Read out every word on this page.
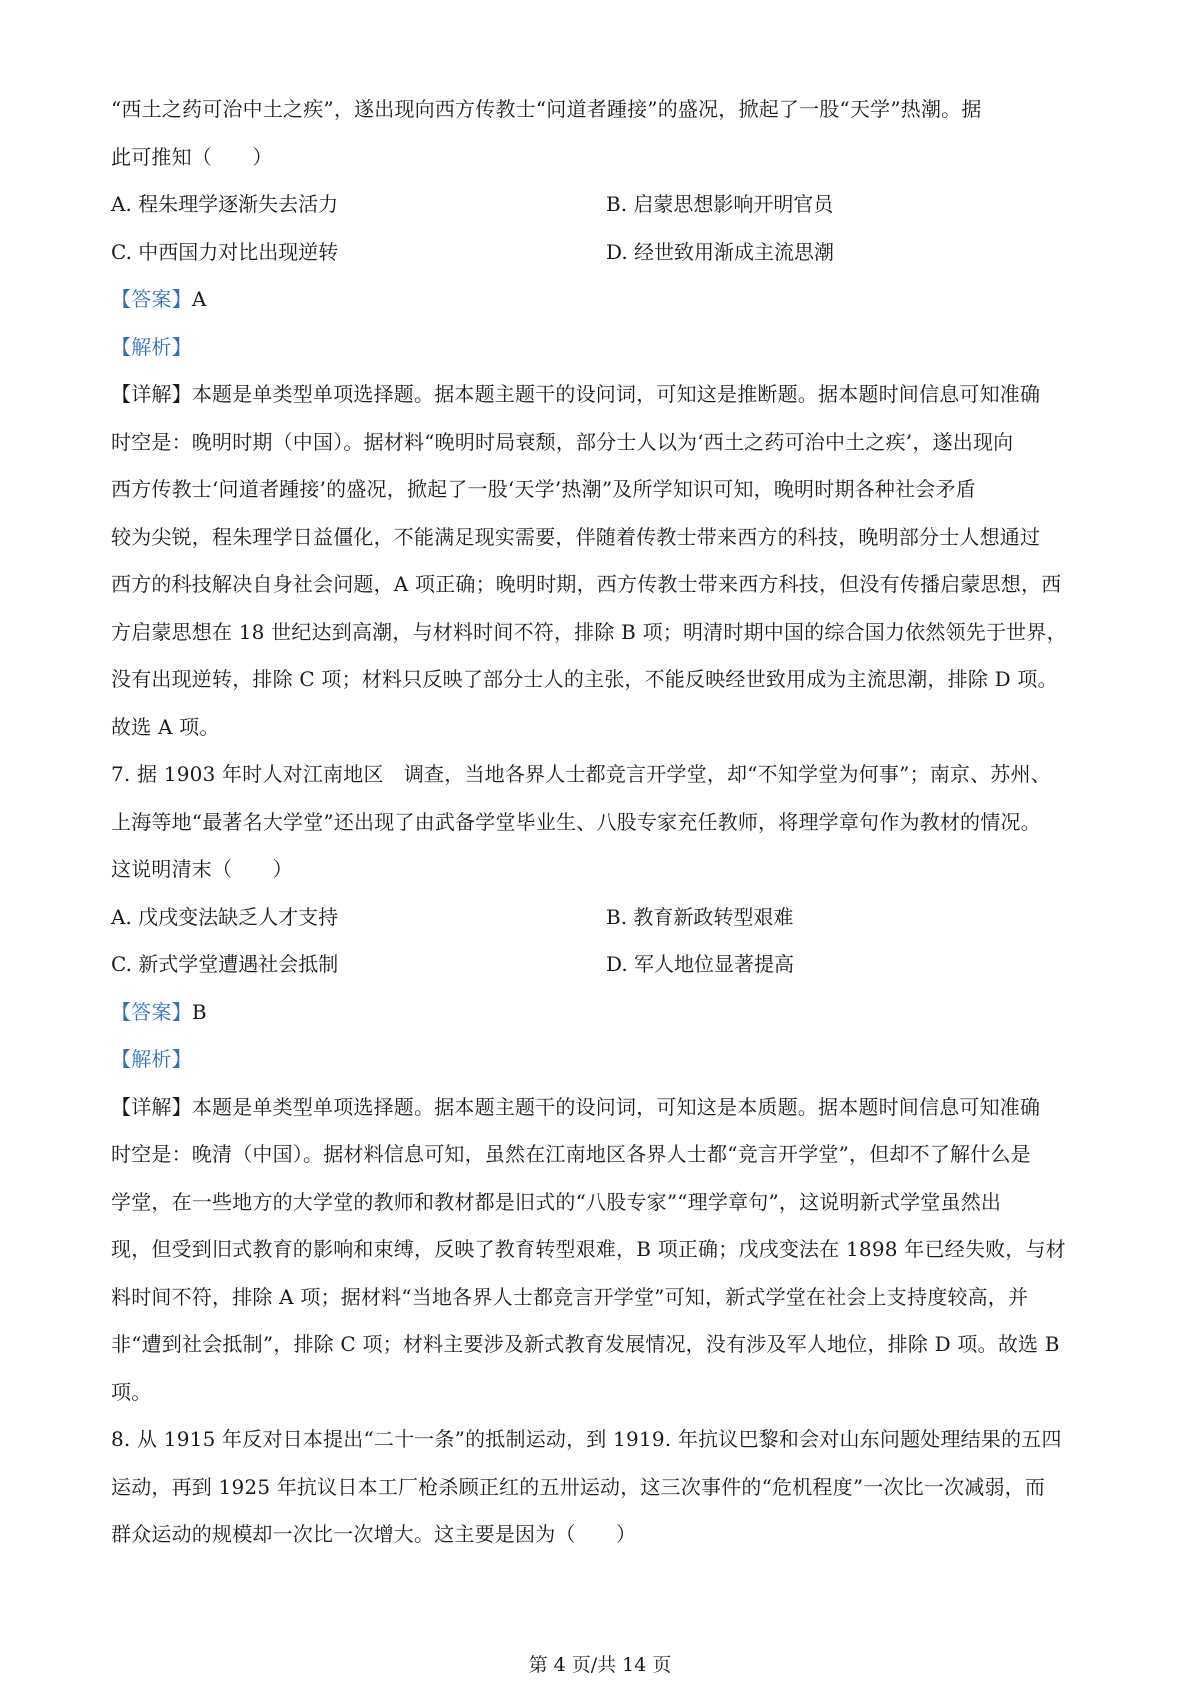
“西土之药可治中土之疾”，遂出现向西方传教士“问道者踵接”的盛况，掀起了一股“天学”热潮。据
此可推知（　　）
A. 程朱理学逐渐失去活力	B. 启蒙思想影响开明官员
C. 中西国力对比出现逆转	D. 经世致用渐成主流思潮
【答案】A
【解析】
【详解】本题是单类型单项选择题。据本题主题干的设问词，可知这是推断题。据本题时间信息可知准确
时空是：晚明时期（中国）。据材料“晚明时局衰颓，部分士人以为‘西土之药可治中土之疾’，遂出现向
西方传教士‘问道者踵接’的盛况，掀起了一股‘天学’热潮”及所学知识可知，晚明时期各种社会矛盾
较为尖锐，程朱理学日益僵化，不能满足现实需要，伴随着传教士带来西方的科技，晚明部分士人想通过
西方的科技解决自身社会问题，A 项正确；晚明时期，西方传教士带来西方科技，但没有传播启蒙思想，西
方启蒙思想在 18 世纪达到高潮，与材料时间不符，排除 B 项；明清时期中国的综合国力依然领先于世界，
没有出现逆转，排除 C 项；材料只反映了部分士人的主张，不能反映经世致用成为主流思潮，排除 D 项。
故选 A 项。
7. 据 1903 年时人对江南地区　调查，当地各界人士都竞言开学堂，却“不知学堂为何事”；南京、苏州、
上海等地“最著名大学堂”还出现了由武备学堂毕业生、八股专家充任教师，将理学章句作为教材的情况。
这说明清末（　　）
A. 戊戌变法缺乏人才支持	B. 教育新政转型艰难
C. 新式学堂遭遇社会抵制	D. 军人地位显著提高
【答案】B
【解析】
【详解】本题是单类型单项选择题。据本题主题干的设问词，可知这是本质题。据本题时间信息可知准确
时空是：晚清（中国）。据材料信息可知，虽然在江南地区各界人士都“竞言开学堂”，但却不了解什么是
学堂，在一些地方的大学堂的教师和教材都是旧式的“八股专家”“理学章句”，这说明新式学堂虽然出
现，但受到旧式教育的影响和束缚，反映了教育转型艰难，B 项正确；戊戌变法在 1898 年已经失败，与材
料时间不符，排除 A 项；据材料“当地各界人士都竞言开学堂”可知，新式学堂在社会上支持度较高，并
非“遭到社会抵制”，排除 C 项；材料主要涉及新式教育发展情况，没有涉及军人地位，排除 D 项。故选 B
项。
8. 从 1915 年反对日本提出“二十一条”的抵制运动，到 1919. 年抗议巴黎和会对山东问题处理结果的五四
运动，再到 1925 年抗议日本工厂枪杀顾正红的五卅运动，这三次事件的“危机程度”一次比一次减弱，而
群众运动的规模却一次比一次增大。这主要是因为（　　）
第 4 页/共 14 页
